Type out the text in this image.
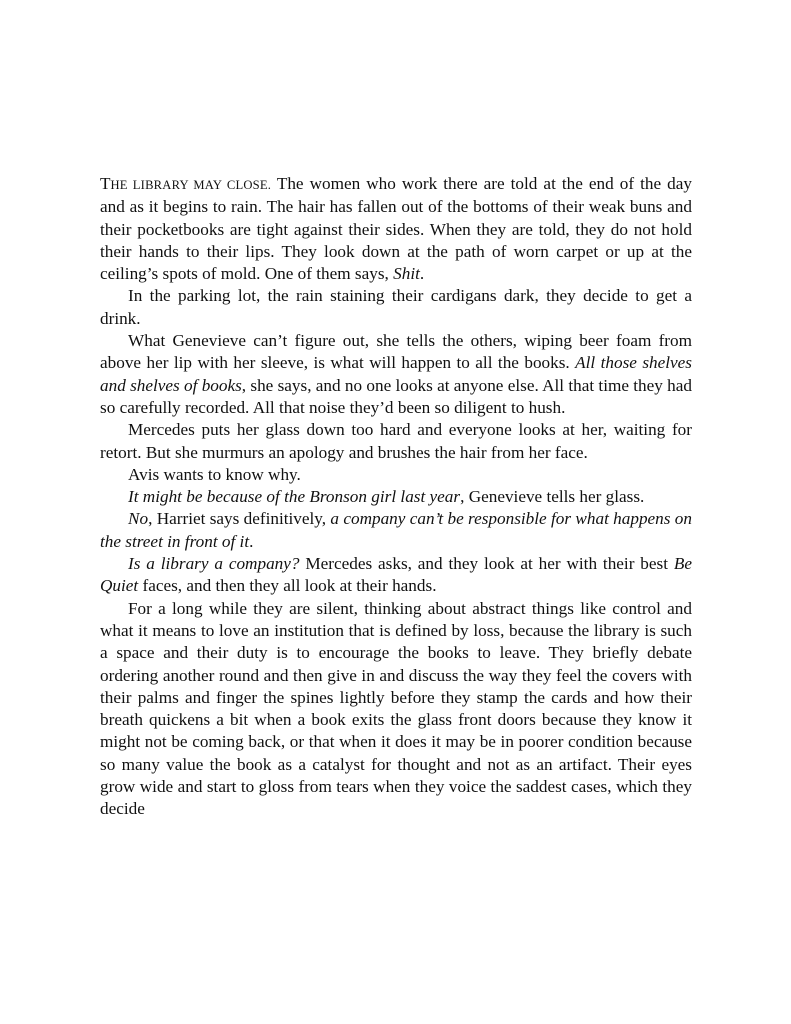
THE LIBRARY MAY CLOSE. The women who work there are told at the end of the day and as it begins to rain. The hair has fallen out of the bottoms of their weak buns and their pocketbooks are tight against their sides. When they are told, they do not hold their hands to their lips. They look down at the path of worn carpet or up at the ceiling’s spots of mold. One of them says, Shit.

In the parking lot, the rain staining their cardigans dark, they decide to get a drink.

What Genevieve can’t figure out, she tells the others, wiping beer foam from above her lip with her sleeve, is what will happen to all the books. All those shelves and shelves of books, she says, and no one looks at anyone else. All that time they had so carefully recorded. All that noise they’d been so diligent to hush.

Mercedes puts her glass down too hard and everyone looks at her, waiting for retort. But she murmurs an apology and brushes the hair from her face.

Avis wants to know why.

It might be because of the Bronson girl last year, Genevieve tells her glass.

No, Harriet says definitively, a company can’t be responsible for what happens on the street in front of it.

Is a library a company? Mercedes asks, and they look at her with their best Be Quiet faces, and then they all look at their hands.

For a long while they are silent, thinking about abstract things like control and what it means to love an institution that is defined by loss, because the library is such a space and their duty is to encourage the books to leave. They briefly debate ordering another round and then give in and discuss the way they feel the covers with their palms and finger the spines lightly before they stamp the cards and how their breath quickens a bit when a book exits the glass front doors because they know it might not be coming back, or that when it does it may be in poorer condition because so many value the book as a catalyst for thought and not as an artifact. Their eyes grow wide and start to gloss from tears when they voice the saddest cases, which they decide
